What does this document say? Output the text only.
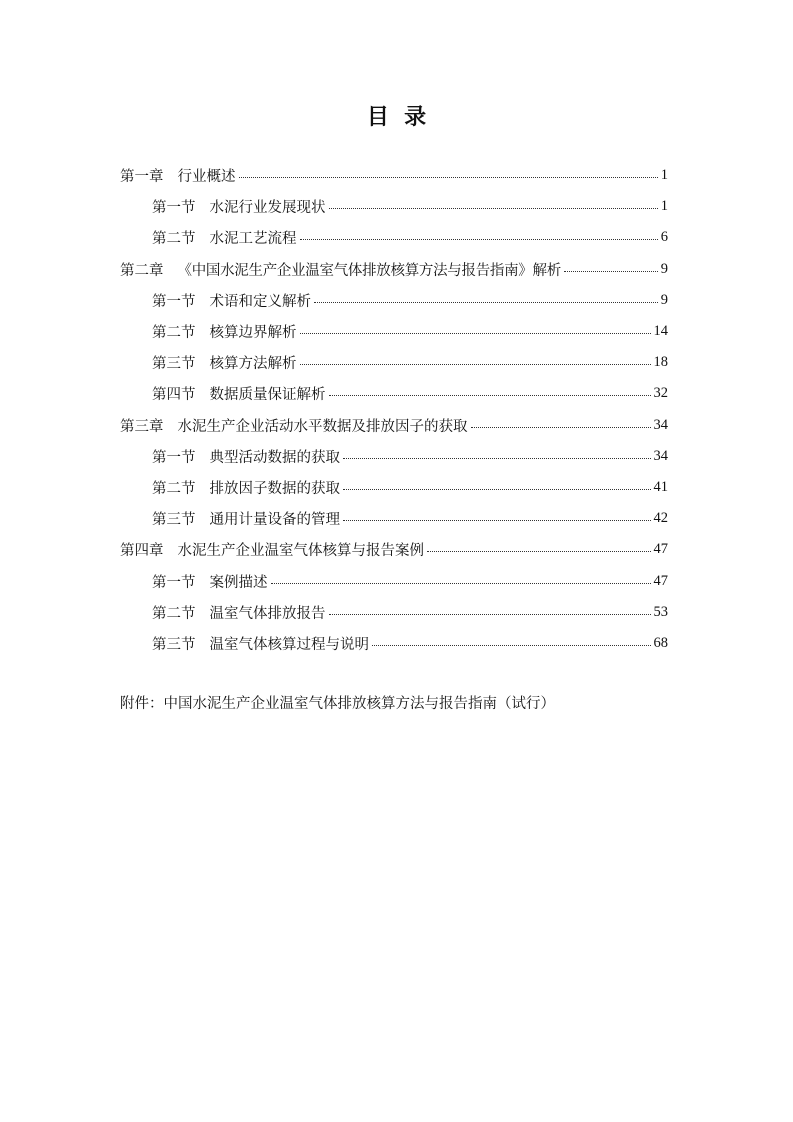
目  录
第一章 行业概述	1
第一节 水泥行业发展现状	1
第二节 水泥工艺流程	6
第二章 《中国水泥生产企业温室气体排放核算方法与报告指南》解析	9
第一节 术语和定义解析	9
第二节 核算边界解析	14
第三节 核算方法解析	18
第四节 数据质量保证解析	32
第三章 水泥生产企业活动水平数据及排放因子的获取	34
第一节 典型活动数据的获取	34
第二节 排放因子数据的获取	41
第三节 通用计量设备的管理	42
第四章 水泥生产企业温室气体核算与报告案例	47
第一节 案例描述	47
第二节 温室气体排放报告	53
第三节 温室气体核算过程与说明	68
附件：中国水泥生产企业温室气体排放核算方法与报告指南（试行）
